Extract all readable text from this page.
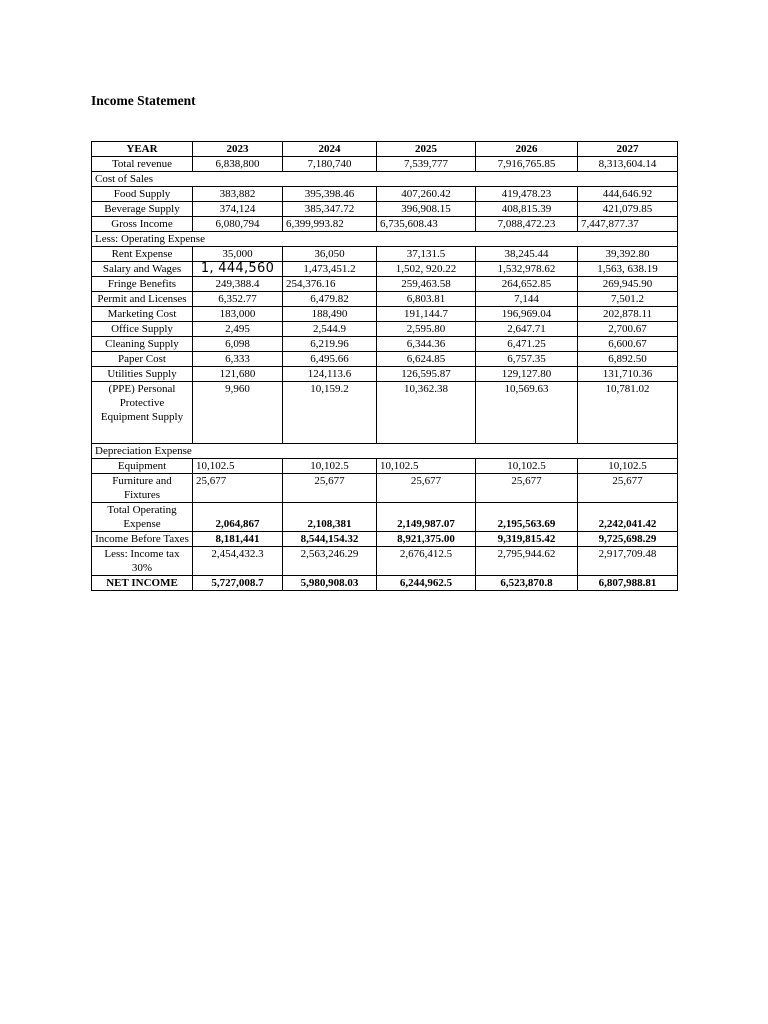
Income Statement
YEAR	2023	2024	2025	2026	2027
Total revenue	6,838,800	7,180,740	7,539,777	7,916,765.85	8,313,604.14
Cost of Sales					
Food Supply	383,882	395,398.46	407,260.42	419,478.23	444,646.92
Beverage Supply	374,124	385,347.72	396,908.15	408,815.39	421,079.85
Gross Income	6,080,794	6,399,993.82	6,735,608.43	7,088,472.23	7,447,877.37
Less: Operating Expense					
Rent Expense	35,000	36,050	37,131.5	38,245.44	39,392.80
Salary and Wages	1, 444,560	1,473,451.2	1,502, 920.22	1,532,978.62	1,563, 638.19
Fringe Benefits	249,388.4	254,376.16	259,463.58	264,652.85	269,945.90
Permit and Licenses	6,352.77	6,479.82	6,803.81	7,144	7,501.2
Marketing Cost	183,000	188,490	191,144.7	196,969.04	202,878.11
Office Supply	2,495	2,544.9	2,595.80	2,647.71	2,700.67
Cleaning Supply	6,098	6,219.96	6,344.36	6,471.25	6,600.67
Paper Cost	6,333	6,495.66	6,624.85	6,757.35	6,892.50
Utilities Supply	121,680	124,113.6	126,595.87	129,127.80	131,710.36
(PPE) Personal Protective Equipment Supply	9,960	10,159.2	10,362.38	10,569.63	10,781.02
Depreciation Expense					
Equipment	10,102.5	10,102.5	10,102.5	10,102.5	10,102.5
Furniture and Fixtures	25,677	25,677	25,677	25,677	25,677
Total Operating Expense	2,064,867	2,108,381	2,149,987.07	2,195,563.69	2,242,041.42
Income Before Taxes	8,181,441	8,544,154.32	8,921,375.00	9,319,815.42	9,725,698.29
Less: Income tax 30%	2,454,432.3	2,563,246.29	2,676,412.5	2,795,944.62	2,917,709.48
NET INCOME	5,727,008.7	5,980,908.03	6,244,962.5	6,523,870.8	6,807,988.81
